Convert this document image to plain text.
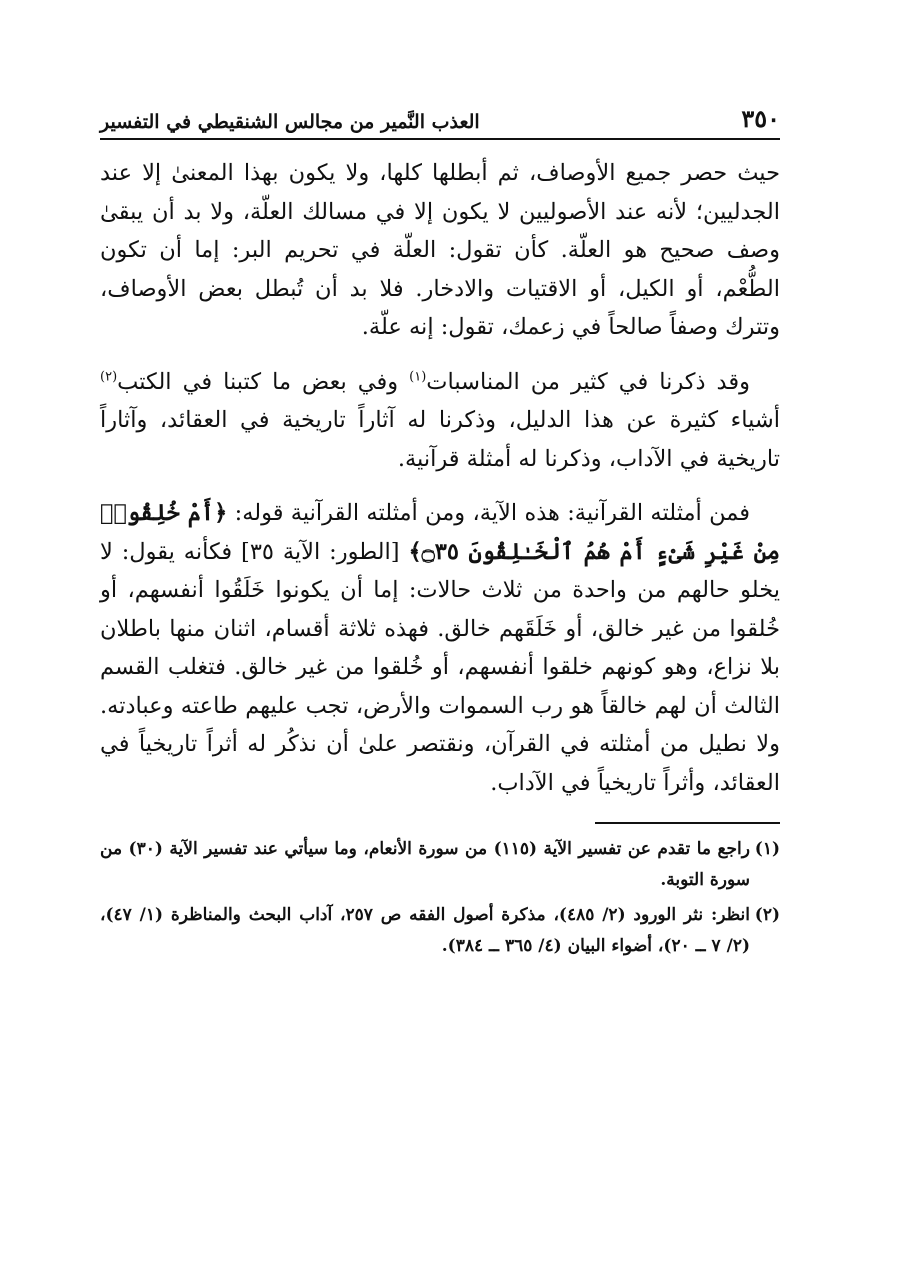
٣٥٠
العذب النَّمير من مجالس الشنقيطي في التفسير

حيث حصر جميع الأوصاف، ثم أبطلها كلها، ولا يكون بهذا المعنىٰ إلا عند الجدليين؛ لأنه عند الأصوليين لا يكون إلا في مسالك العلّة، ولا بد أن يبقىٰ وصف صحيح هو العلّة. كأن تقول: العلّة في تحريم البر: إما أن تكون الطُّعْم، أو الكيل، أو الاقتيات والادخار. فلا بد أن تُبطل بعض الأوصاف، وتترك وصفاً صالحاً في زعمك، تقول: إنه علّة.

وقد ذكرنا في كثير من المناسبات$^{(١)}$ وفي بعض ما كتبنا في الكتب$^{(٢)}$ أشياء كثيرة عن هذا الدليل، وذكرنا له آثاراً تاريخية في العقائد، وآثاراً تاريخية في الآداب، وذكرنا له أمثلة قرآنية.

فمن أمثلته القرآنية: هذه الآية، ومن أمثلته القرآنية قوله: ﴿أَمْ خُلِقُوا۟ مِنْ غَيْرِ شَىْءٍ أَمْ هُمُ ٱلْخَـٰلِقُونَ ۝٣٥﴾ [الطور: الآية ٣٥] فكأنه يقول: لا يخلو حالهم من واحدة من ثلاث حالات: إما أن يكونوا خَلَقُوا أنفسهم، أو خُلقوا من غير خالق، أو خَلَقَهم خالق. فهذه ثلاثة أقسام، اثنان منها باطلان بلا نزاع، وهو كونهم خلقوا أنفسهم، أو خُلقوا من غير خالق. فتغلب القسم الثالث أن لهم خالقاً هو رب السموات والأرض، تجب عليهم طاعته وعبادته. ولا نطيل من أمثلته في القرآن، ونقتصر علىٰ أن نذكُر له أثراً تاريخياً في العقائد، وأثراً تاريخياً في الآداب.

(١)
راجع ما تقدم عن تفسير الآية (١١٥) من سورة الأنعام، وما سيأتي عند تفسير الآية (٣٠) من سورة التوبة.

(٢)
انظر: نثر الورود (٢/ ٤٨٥)، مذكرة أصول الفقه ص ٢٥٧، آداب البحث والمناظرة (١/ ٤٧)، (٢/ ٧ ــ ٢٠)، أضواء البيان (٤/ ٣٦٥ ــ ٣٨٤).
